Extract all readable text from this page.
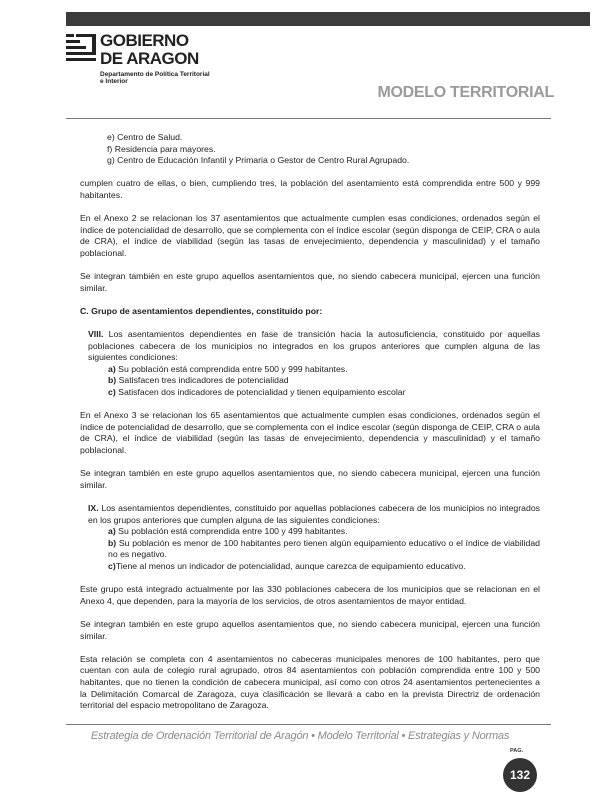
GOBIERNO
DE ARAGON
Departamento de Política Territorial
e Interior
MODELO TERRITORIAL

e) Centro de Salud.

f) Residencia para mayores.

g) Centro de Educación Infantil y Primaria o Gestor de Centro Rural Agrupado.

cumplen cuatro de ellas, o bien, cumpliendo tres, la población del asentamiento está comprendida entre 500 y 999 habitantes.

En el Anexo 2 se relacionan los 37 asentamientos que actualmente cumplen esas condiciones, ordenados según el índice de potencialidad de desarrollo, que se complementa con el índice escolar (según disponga de CEIP, CRA o aula de CRA), el índice de viabilidad (según las tasas de envejecimiento, dependencia y masculinidad) y el tamaño poblacional.

Se integran también en este grupo aquellos asentamientos que, no siendo cabecera municipal, ejercen una función similar.

C. Grupo de asentamientos dependientes, constituido por:

VIII. Los asentamientos dependientes en fase de transición hacia la autosuficiencia, constituido por aquellas poblaciones cabecera de los municipios no integrados en los grupos anteriores que cumplen alguna de las siguientes condiciones:
a) Su población está comprendida entre 500 y 999 habitantes.
b) Satisfacen tres indicadores de potencialidad
c) Satisfacen dos indicadores de potencialidad y tienen equipamiento escolar

En el Anexo 3 se relacionan los 65 asentamientos que actualmente cumplen esas condiciones, ordenados según el índice de potencialidad de desarrollo, que se complementa con el índice escolar (según disponga de CEIP, CRA o aula de CRA), el índice de viabilidad (según las tasas de envejecimiento, dependencia y masculinidad) y el tamaño poblacional.

Se integran también en este grupo aquellos asentamientos que, no siendo cabecera municipal, ejercen una función similar.

IX. Los asentamientos dependientes, constituido por aquellas poblaciones cabecera de los municipios no integrados en los grupos anteriores que cumplen alguna de las siguientes condiciones:
a) Su población está comprendida entre 100 y 499 habitantes.
b) Su población es menor de 100 habitantes pero tienen algún equipamiento educativo o el índice de viabilidad no es negativo.
c)Tiene al menos un indicador de potencialidad, aunque carezca de equipamiento educativo.

Este grupo está integrado actualmente por las 330 poblaciones cabecera de los municipios que se relacionan en el Anexo 4, que dependen, para la mayoría de los servicios, de otros asentamientos de mayor entidad.

Se integran también en este grupo aquellos asentamientos que, no siendo cabecera municipal, ejercen una función similar.

Esta relación se completa con 4 asentamientos no cabeceras municipales menores de 100 habitantes, pero que cuentan con aula de colegio rural agrupado, otros 84 asentamientos con población comprendida entre 100 y 500 habitantes, que no tienen la condición de cabecera municipal, así como con otros 24 asentamientos pertenecientes a la Delimitación Comarcal de Zaragoza, cuya clasificación se llevará a cabo en la prevista Directriz de ordenación territorial del espacio metropolitano de Zaragoza.

Estrategia de Ordenación Territorial de Aragón • Modelo Territorial • Estrategias y Normas
PAG.
132
